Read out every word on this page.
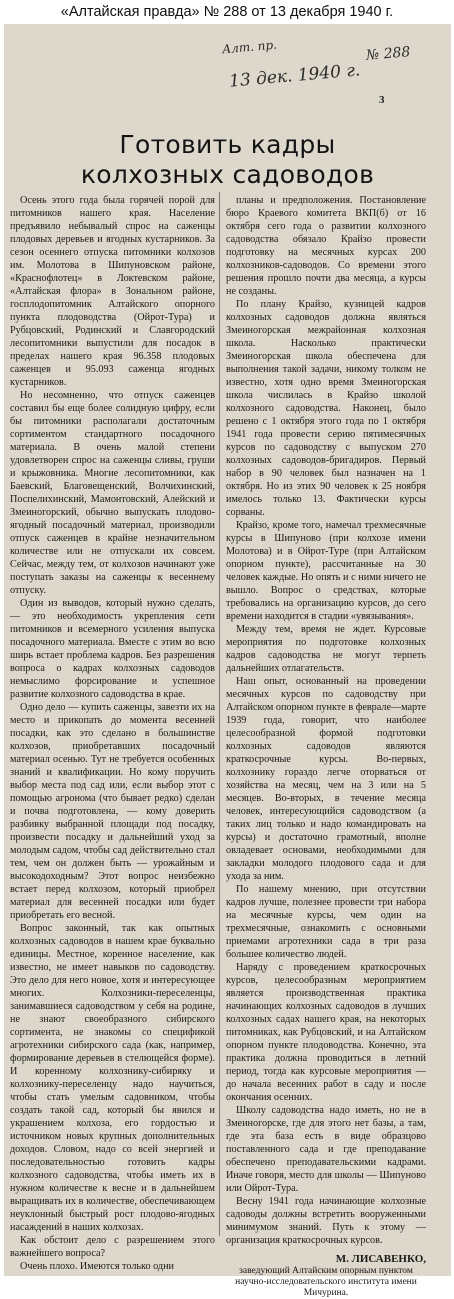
«Алтайская правда» № 288 от 13 декабря 1940 г.
Алт. пр.
13 дек. 1940 г.
№ 288
3
Готовить кадры
колхозных садоводов

Осень этого года была горячей порой для питомников нашего края. Население предъявило небывалый спрос на саженцы плодовых деревьев и ягодных кустарников. За сезон осеннего отпуска питомники колхозов им. Молотова в Шипуновском районе, «Краснофлотец» в Локтевском районе, «Алтайская флора» в Зональном районе, госплодопитомник Алтайского опорного пункта плодоводства (Ойрот-Тура) и Рубцовский, Родинский и Славгородский лесопитомники выпустили для посадок в пределах нашего края 96.358 плодовых саженцев и 95.093 саженца ягодных кустарников.

Но несомненно, что отпуск саженцев составил бы еще более солидную цифру, если бы питомники располагали достаточным сортиментом стандартного посадочного материала. В очень малой степени удовлетворен спрос на саженцы сливы, груши и крыжовника. Многие лесопитомники, как Баевский, Благовещенский, Волчихинский, Поспелихинский, Мамонтовский, Алейский и Змеиногорский, обычно выпускать плодово-ягодный посадочный материал, производили отпуск саженцев в крайне незначительном количестве или не отпускали их совсем. Сейчас, между тем, от колхозов начинают уже поступать заказы на саженцы к весеннему отпуску.

Один из выводов, который нужно сделать, — это необходимость укрепления сети питомников и всемерного усиления выпуска посадочного материала. Вместе с этим во всю ширь встает проблема кадров. Без разрешения вопроса о кадрах колхозных садоводов немыслимо форсирование и успешное развитие колхозного садоводства в крае.

Одно дело — купить саженцы, завезти их на место и прикопать до момента весенней посадки, как это сделано в большинстве колхозов, приобретавших посадочный материал осенью. Тут не требуется особенных знаний и квалификации. Но кому поручить выбор места под сад или, если выбор этот с помощью агронома (что бывает редко) сделан и почва подготовлена, — кому доверить разбивку выбранной площади под посадку, произвести посадку и дальнейший уход за молодым садом, чтобы сад действительно стал тем, чем он должен быть — урожайным и высокодоходным? Этот вопрос неизбежно встает перед колхозом, который приобрел материал для весенней посадки или будет приобретать его весной.

Вопрос законный, так как опытных колхозных садоводов в нашем крае буквально единицы. Местное, коренное население, как известно, не имеет навыков по садоводству. Это дело для него новое, хотя и интересующее многих. Колхозники-переселенцы, занимавшиеся садоводством у себя на родине, не знают своеобразного сибирского сортимента, не знакомы со спецификой агротехники сибирского сада (как, например, формирование деревьев в стелющейся форме). И коренному колхознику-сибиряку и колхознику-переселенцу надо научиться, чтобы стать умелым садовником, чтобы создать такой сад, который бы явился и украшением колхоза, его гордостью и источником новых крупных дополнительных доходов. Словом, надо со всей энергией и последовательностью готовить кадры колхозного садоводства, чтобы иметь их в нужном количестве к весне и в дальнейшем выращивать их в количестве, обеспечивающем неуклонный быстрый рост плодово-ягодных насаждений в наших колхозах.

Как обстоит дело с разрешением этого важнейшего вопроса?

Очень плохо. Имеются только одни

планы и предположения. Постановление бюро Краевого комитета ВКП(б) от 16 октября сего года о развитии колхозного садоводства обязало Крайзо провести подготовку на месячных курсах 200 колхозников-садоводов. Со времени этого решения прошло почти два месяца, а курсы не созданы.

По плану Крайзо, кузницей кадров колхозных садоводов должна являться Змеиногорская межрайонная колхозная школа. Насколько практически Змеиногорская школа обеспечена для выполнения такой задачи, никому толком не известно, хотя одно время Змеиногорская школа числилась в Крайзо школой колхозного садоводства. Наконец, было решено с 1 октября этого года по 1 октября 1941 года провести серию пятимесячных курсов по садоводству с выпуском 270 колхозных садоводов-бригадиров. Первый набор в 90 человек был назначен на 1 октября. Но из этих 90 человек к 25 ноября имелось только 13. Фактически курсы сорваны.

Крайзо, кроме того, намечал трехмесячные курсы в Шипуново (при колхозе имени Молотова) и в Ойрот-Туре (при Алтайском опорном пункте), рассчитанные на 30 человек каждые. Но опять и с ними ничего не вышло. Вопрос о средствах, которые требовались на организацию курсов, до сего времени находится в стадии «увязывания».

Между тем, время не ждет. Курсовые мероприятия по подготовке колхозных кадров садоводства не могут терпеть дальнейших отлагательств.

Наш опыт, основанный на проведении месячных курсов по садоводству при Алтайском опорном пункте в феврале—марте 1939 года, говорит, что наиболее целесообразной формой подготовки колхозных садоводов являются краткосрочные курсы. Во-первых, колхознику гораздо легче оторваться от хозяйства на месяц, чем на 3 или на 5 месяцев. Во-вторых, в течение месяца человек, интересующийся садоводством (а таких лиц только и надо командировать на курсы) и достаточно грамотный, вполне овладевает основами, необходимыми для закладки молодого плодового сада и для ухода за ним.

По нашему мнению, при отсутствии кадров лучше, полезнее провести три набора на месячные курсы, чем один на трехмесячные, ознакомить с основными приемами агротехники сада в три раза большее количество людей.

Наряду с проведением краткосрочных курсов, целесообразным мероприятием является производственная практика начинающих колхозных садоводов в лучших колхозных садах нашего края, на некоторых питомниках, как Рубцовский, и на Алтайском опорном пункте плодоводства. Конечно, эта практика должна проводиться в летний период, тогда как курсовые мероприятия — до начала весенних работ в саду и после окончания осенних.

Школу садоводства надо иметь, но не в Змеиногорске, где для этого нет базы, а там, где эта база есть в виде образцово поставленного сада и где преподавание обеспечено преподавательскими кадрами. Иначе говоря, место для школы — Шипуново или Ойрот-Тура.

Весну 1941 года начинающие колхозные садоводы должны встретить вооруженными минимумом знаний. Путь к этому — организация краткосрочных курсов.

М. ЛИСАВЕНКО,
заведующий Алтайским опорным пунктом научно-исследовательского института имени Мичурина.
